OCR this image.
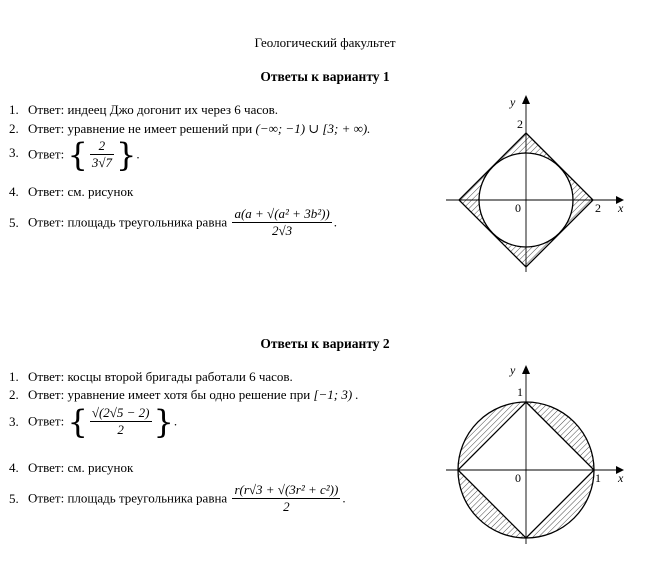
Геологический факультет
Ответы к варианту 1
1. Ответ: индеец Джо догонит их через 6 часов.
2. Ответ: уравнение не имеет решений при (−∞; −1) ∪ [3; + ∞).
3. Ответ: { $\frac{2}{3√7}$ }.
4. Ответ: см. рисунок
5. Ответ: площадь треугольника равна $\frac{\text{a(a + √(a² + 3b²))}}{2√3}$ .
y
x
0
2
2
Ответы к варианту 2
1. Ответ: косцы второй бригады работали 6 часов.
2. Ответ: уравнение имеет хотя бы одно решение при [−1; 3) .
3. Ответ: { $\frac{√(2√5 - 2)}{2}$ }.
4. Ответ: см. рисунок
5. Ответ: площадь треугольника равна $\frac{\text{r(r√3 + √(3r² + c²))}}{2}$ .
y
x
0
1
1
